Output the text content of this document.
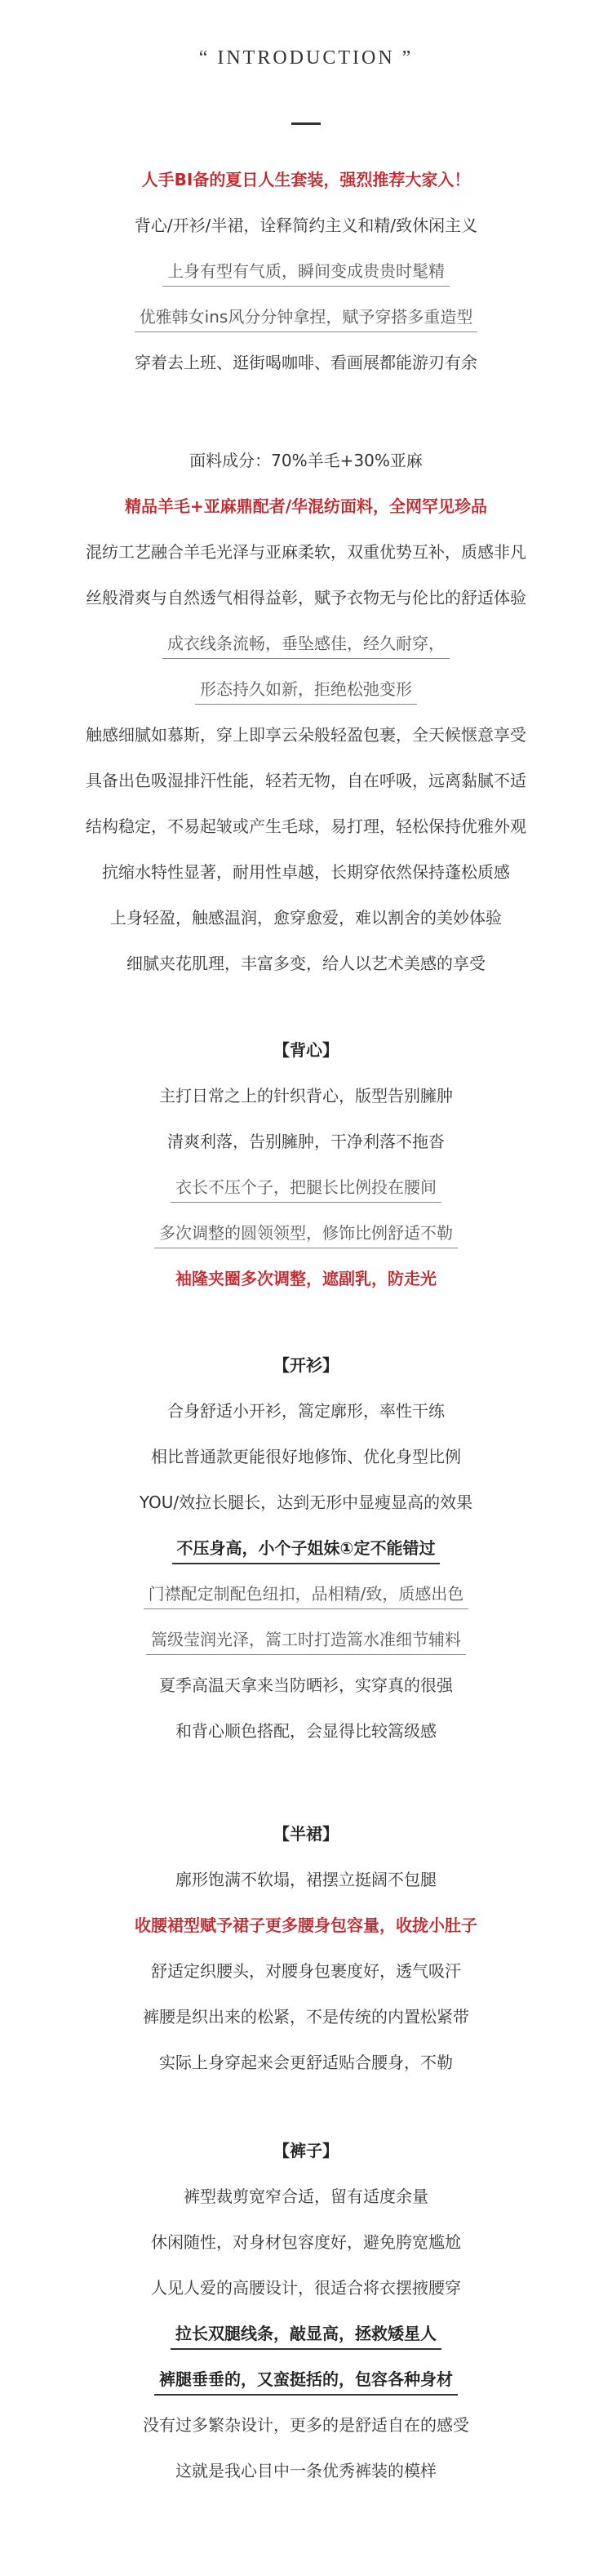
“ INTRODUCTION ”
人手BI备的夏日人生套装，强烈推荐大家入！
背心/开衫/半裙，诠释简约主义和精/致休闲主义
上身有型有气质，瞬间变成贵贵时髦精
优雅韩女ins风分分钟拿捏，赋予穿搭多重造型
穿着去上班、逛街喝咖啡、看画展都能游刃有余
面料成分：70%羊毛+30%亚麻
精品羊毛+亚麻鼎配者/华混纺面料，全网罕见珍品
混纺工艺融合羊毛光泽与亚麻柔软，双重优势互补，质感非凡
丝般滑爽与自然透气相得益彰，赋予衣物无与伦比的舒适体验
成衣线条流畅，垂坠感佳，经久耐穿，
形态持久如新，拒绝松弛变形
触感细腻如慕斯，穿上即享云朵般轻盈包裹，全天候惬意享受
具备出色吸湿排汗性能，轻若无物，自在呼吸，远离黏腻不适
结构稳定，不易起皱或产生毛球，易打理，轻松保持优雅外观
抗缩水特性显著，耐用性卓越，长期穿依然保持蓬松质感
上身轻盈，触感温润，愈穿愈爱，难以割舍的美妙体验
细腻夹花肌理，丰富多变，给人以艺术美感的享受
【背心】
主打日常之上的针织背心，版型告别臃肿
清爽利落，告别臃肿，干净利落不拖沓
衣长不压个子，把腿长比例投在腰间
多次调整的圆领领型，修饰比例舒适不勒
袖隆夹圈多次调整，遮副乳，防走光
【开衫】
合身舒适小开衫，篙定廓形，率性干练
相比普通款更能很好地修饰、优化身型比例
YOU/效拉长腿长，达到无形中显瘦显高的效果
不压身高，小个子姐妹①定不能错过
门襟配定制配色纽扣，品相精/致，质感出色
篙级莹润光泽，篙工时打造篙水准细节辅料
夏季高温天拿来当防晒衫，实穿真的很强
和背心顺色搭配，会显得比较篙级感
【半裙】
廓形饱满不软塌，裙摆立挺阔不包腿
收腰裙型赋予裙子更多腰身包容量，收拢小肚子
舒适定织腰头，对腰身包裹度好，透气吸汗
裤腰是织出来的松紧，不是传统的内置松紧带
实际上身穿起来会更舒适贴合腰身，不勒
【裤子】
裤型裁剪宽窄合适，留有适度余量
休闲随性，对身材包容度好，避免胯宽尴尬
人见人爱的高腰设计，很适合将衣摆掖腰穿
拉长双腿线条，敲显高，拯救矮星人
裤腿垂垂的，又蛮挺括的，包容各种身材
没有过多繁杂设计，更多的是舒适自在的感受
这就是我心目中一条优秀裤装的模样
